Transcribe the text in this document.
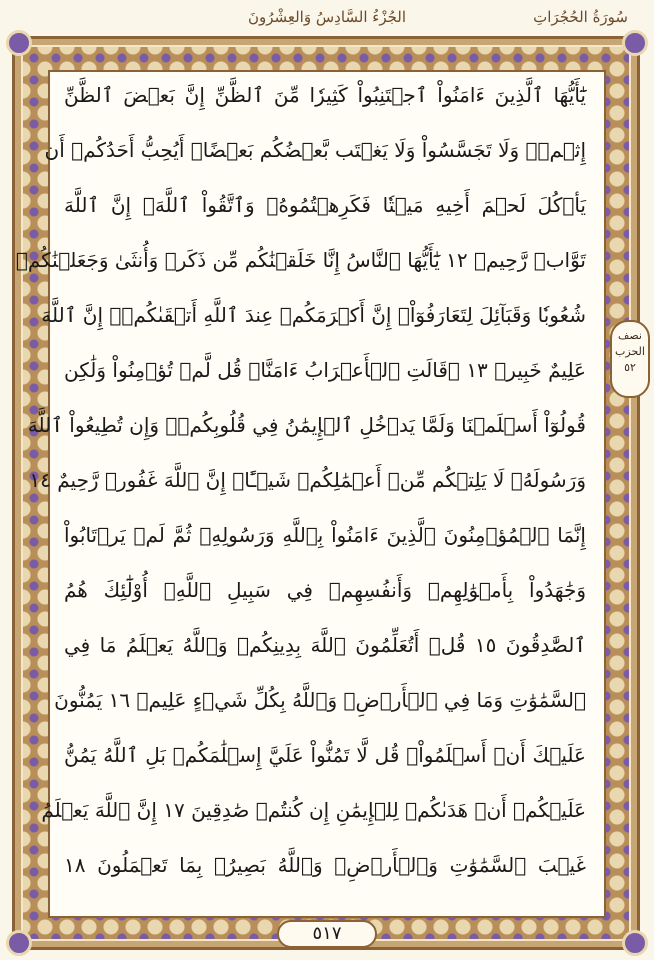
سُورَةُ الحُجُرَاتِ
الجُزْءُ السَّادِسُ وَالعِشْرُونَ
يَٰٓأَيُّهَا ٱلَّذِينَ ءَامَنُواْ ٱجۡتَنِبُواْ كَثِيرٗا مِّنَ ٱلظَّنِّ إِنَّ بَعۡضَ ٱلظَّنِّ
إِثۡمٞۖ وَلَا تَجَسَّسُواْ وَلَا يَغۡتَب بَّعۡضُكُم بَعۡضًاۚ أَيُحِبُّ أَحَدُكُمۡ أَن
يَأۡكُلَ لَحۡمَ أَخِيهِ مَيۡتٗا فَكَرِهۡتُمُوهُۚ وَٱتَّقُواْ ٱللَّهَۚ إِنَّ ٱللَّهَ
تَوَّابٞ رَّحِيمٞ ١٢ يَٰٓأَيُّهَا ٱلنَّاسُ إِنَّا خَلَقۡنَٰكُم مِّن ذَكَرٖ وَأُنثَىٰ وَجَعَلۡنَٰكُمۡ
شُعُوبٗا وَقَبَآئِلَ لِتَعَارَفُوٓاْۚ إِنَّ أَكۡرَمَكُمۡ عِندَ ٱللَّهِ أَتۡقَىٰكُمۡۚ إِنَّ ٱللَّهَ
عَلِيمٌ خَبِيرٞ ١٣ ۞قَالَتِ ٱلۡأَعۡرَابُ ءَامَنَّاۖ قُل لَّمۡ تُؤۡمِنُواْ وَلَٰكِن
قُولُوٓاْ أَسۡلَمۡنَا وَلَمَّا يَدۡخُلِ ٱلۡإِيمَٰنُ فِي قُلُوبِكُمۡۖ وَإِن تُطِيعُواْ ٱللَّهَ
وَرَسُولَهُۥ لَا يَلِتۡكُم مِّنۡ أَعۡمَٰلِكُمۡ شَيۡـًٔاۚ إِنَّ ٱللَّهَ غَفُورٞ رَّحِيمٌ ١٤
إِنَّمَا ٱلۡمُؤۡمِنُونَ ٱلَّذِينَ ءَامَنُواْ بِٱللَّهِ وَرَسُولِهِۦ ثُمَّ لَمۡ يَرۡتَابُواْ
وَجَٰهَدُواْ بِأَمۡوَٰلِهِمۡ وَأَنفُسِهِمۡ فِي سَبِيلِ ٱللَّهِۚ أُوْلَٰٓئِكَ هُمُ
ٱلصَّٰدِقُونَ ١٥ قُلۡ أَتُعَلِّمُونَ ٱللَّهَ بِدِينِكُمۡ وَٱللَّهُ يَعۡلَمُ مَا فِي
ٱلسَّمَٰوَٰتِ وَمَا فِي ٱلۡأَرۡضِۚ وَٱللَّهُ بِكُلِّ شَيۡءٍ عَلِيمٞ ١٦ يَمُنُّونَ
عَلَيۡكَ أَنۡ أَسۡلَمُواْۖ قُل لَّا تَمُنُّواْ عَلَيَّ إِسۡلَٰمَكُمۖ بَلِ ٱللَّهُ يَمُنُّ
عَلَيۡكُمۡ أَنۡ هَدَىٰكُمۡ لِلۡإِيمَٰنِ إِن كُنتُمۡ صَٰدِقِينَ ١٧ إِنَّ ٱللَّهَ يَعۡلَمُ
غَيۡبَ ٱلسَّمَٰوَٰتِ وَٱلۡأَرۡضِۚ وَٱللَّهُ بَصِيرُۢ بِمَا تَعۡمَلُونَ ١٨
نصف
الحزب
٥٢
٥١٧
